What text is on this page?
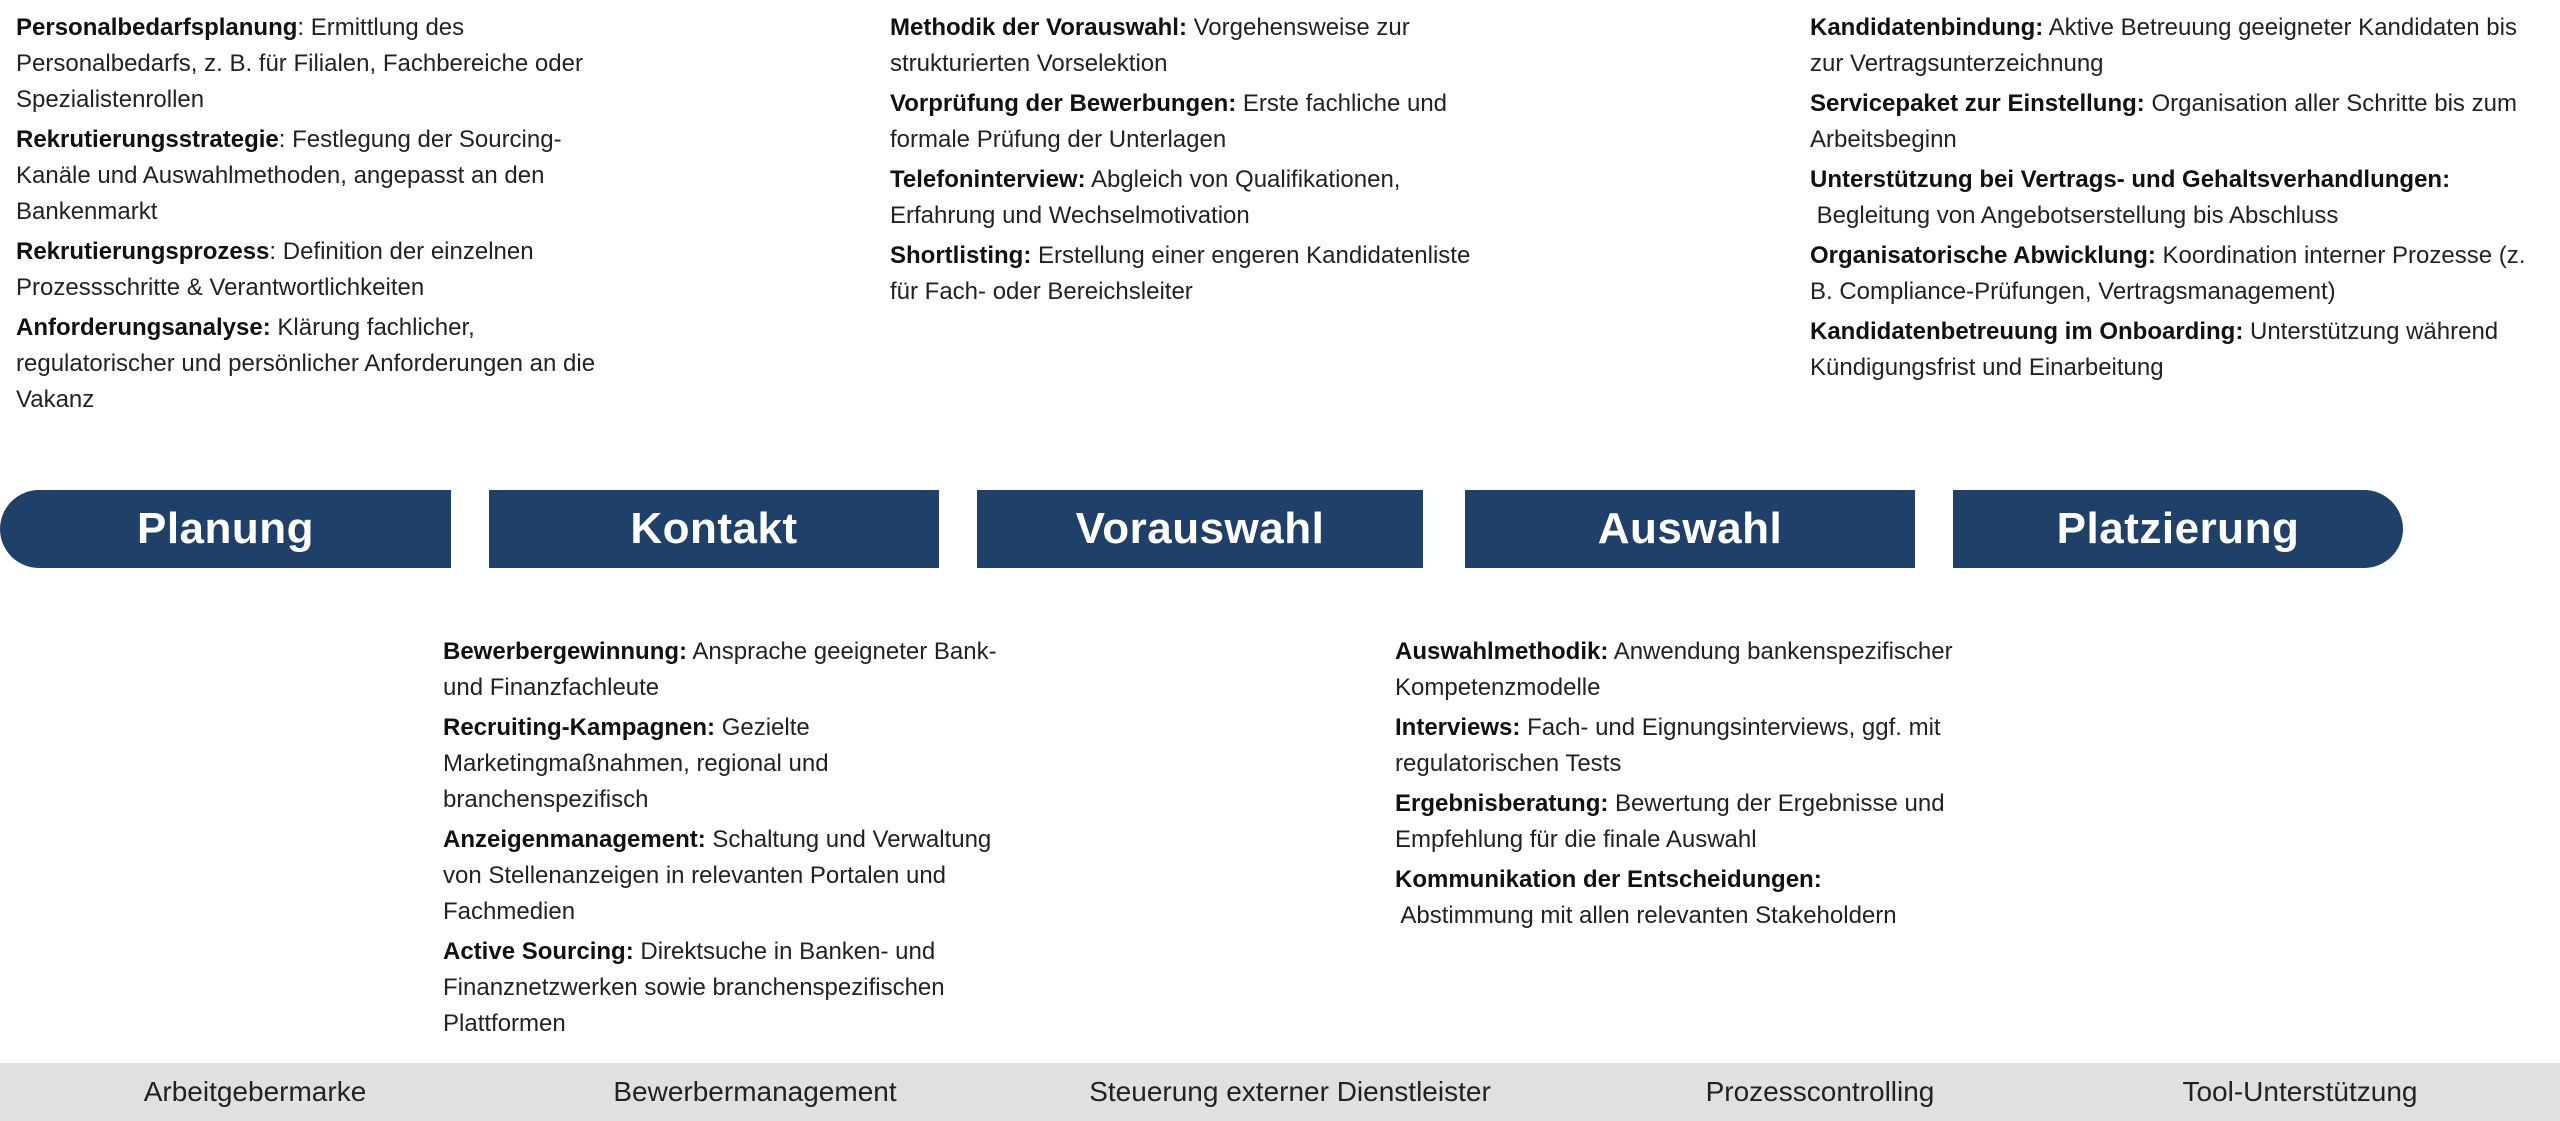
Personalbedarfsplanung: Ermittlung des Personalbedarfs, z. B. für Filialen, Fachbereiche oder Spezialistenrollen
Rekrutierungsstrategie: Festlegung der Sourcing-Kanäle und Auswahlmethoden, angepasst an den Bankenmarkt
Rekrutierungsprozess: Definition der einzelnen Prozessschritte & Verantwortlichkeiten
Anforderungsanalyse: Klärung fachlicher, regulatorischer und persönlicher Anforderungen an die Vakanz
Methodik der Vorauswahl: Vorgehensweise zur strukturierten Vorselektion
Vorprüfung der Bewerbungen: Erste fachliche und formale Prüfung der Unterlagen
Telefoninterview: Abgleich von Qualifikationen, Erfahrung und Wechselmotivation
Shortlisting: Erstellung einer engeren Kandidatenliste für Fach- oder Bereichsleiter
Kandidatenbindung: Aktive Betreuung geeigneter Kandidaten bis zur Vertragsunterzeichnung
Servicepaket zur Einstellung: Organisation aller Schritte bis zum Arbeitsbeginn
Unterstützung bei Vertrags- und Gehaltsverhandlungen: Begleitung von Angebotserstellung bis Abschluss
Organisatorische Abwicklung: Koordination interner Prozesse (z. B. Compliance-Prüfungen, Vertragsmanagement)
Kandidatenbetreuung im Onboarding: Unterstützung während Kündigungsfrist und Einarbeitung
Bewerbergewinnung: Ansprache geeigneter Bank- und Finanzfachleute
Recruiting-Kampagnen: Gezielte Marketingmaßnahmen, regional und branchenspezifisch
Anzeigenmanagement: Schaltung und Verwaltung von Stellenanzeigen in relevanten Portalen und Fachmedien
Active Sourcing: Direktsuche in Banken- und Finanznetzwerken sowie branchenspezifischen Plattformen
Auswahlmethodik: Anwendung bankenspezifischer Kompetenzmodelle
Interviews: Fach- und Eignungsinterviews, ggf. mit regulatorischen Tests
Ergebnisberatung: Bewertung der Ergebnisse und Empfehlung für die finale Auswahl
Kommunikation der Entscheidungen: Abstimmung mit allen relevanten Stakeholdern
Planung	Kontakt	Vorauswahl	Auswahl	Platzierung
Arbeitgebermarke	Bewerbermanagement	Steuerung externer Dienstleister	Prozesscontrolling	Tool-Unterstützung
